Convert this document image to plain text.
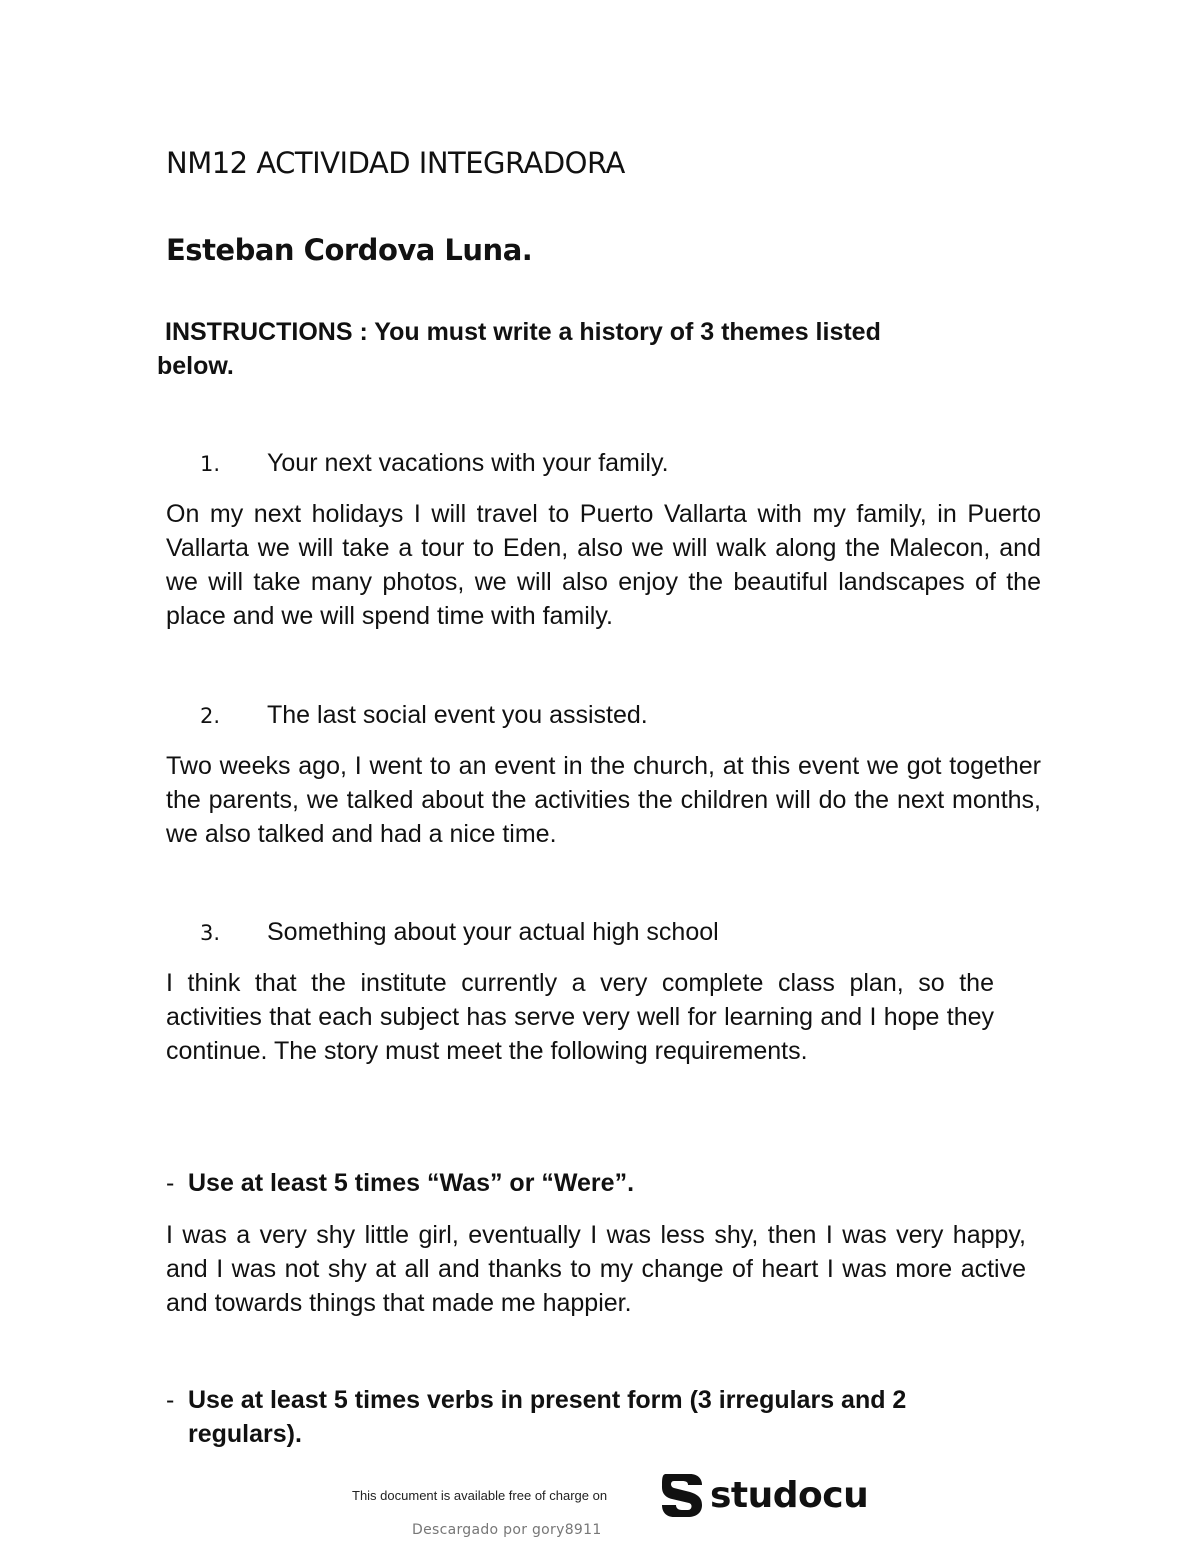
NM12 ACTIVIDAD INTEGRADORA
Esteban Cordova Luna.

INSTRUCTIONS : You must write a history of 3 themes listed
below.

1. Your next vacations with your family.

On my next holidays I will travel to Puerto Vallarta with my family, in Puerto Vallarta we will take a tour to Eden, also we will walk along the Malecon, and we will take many photos, we will also enjoy the beautiful landscapes of the place and we will spend time with family.

2. The last social event you assisted.

Two weeks ago, I went to an event in the church, at this event we got together the parents, we talked about the activities the children will do the next months, we also talked and had a nice time.

3. Something about your actual high school

I think that the institute currently a very complete class plan, so the activities that each subject has serve very well for learning and I hope they continue. The story must meet the following requirements.

- Use at least 5 times “Was” or “Were”.

I was a very shy little girl, eventually I was less shy, then I was very happy, and I was not shy at all and thanks to my change of heart I was more active and towards things that made me happier.

- Use at least 5 times verbs in present form (3 irregulars and 2 regulars).

This document is available free of charge on	studocu

Descargado por gory8911
